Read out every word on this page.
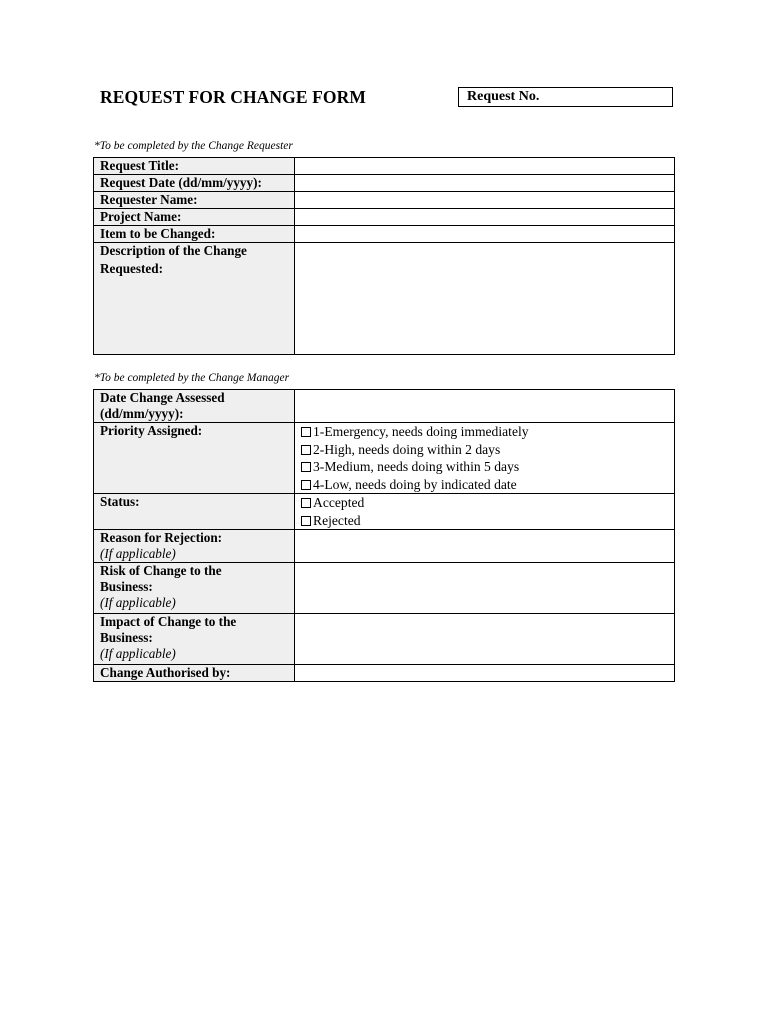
REQUEST FOR CHANGE FORM	Request No.
*To be completed by the Change Requester
Request Title:	
Request Date (dd/mm/yyyy):	
Requester Name:	
Project Name:	
Item to be Changed:	

Description of the Change
Requested:	

*To be completed by the Change Manager
Date Change Assessed
(dd/mm/yyyy):	

Priority Assigned:	1-Emergency, needs doing immediately
2-High, needs doing within 2 days
3-Medium, needs doing within 5 days
4-Low, needs doing by indicated date

Status:	Accepted
Rejected

Reason for Rejection:
(If applicable)	

Risk of Change to the
Business:
(If applicable)	

Impact of Change to the
Business:
(If applicable)	

Change Authorised by:	
